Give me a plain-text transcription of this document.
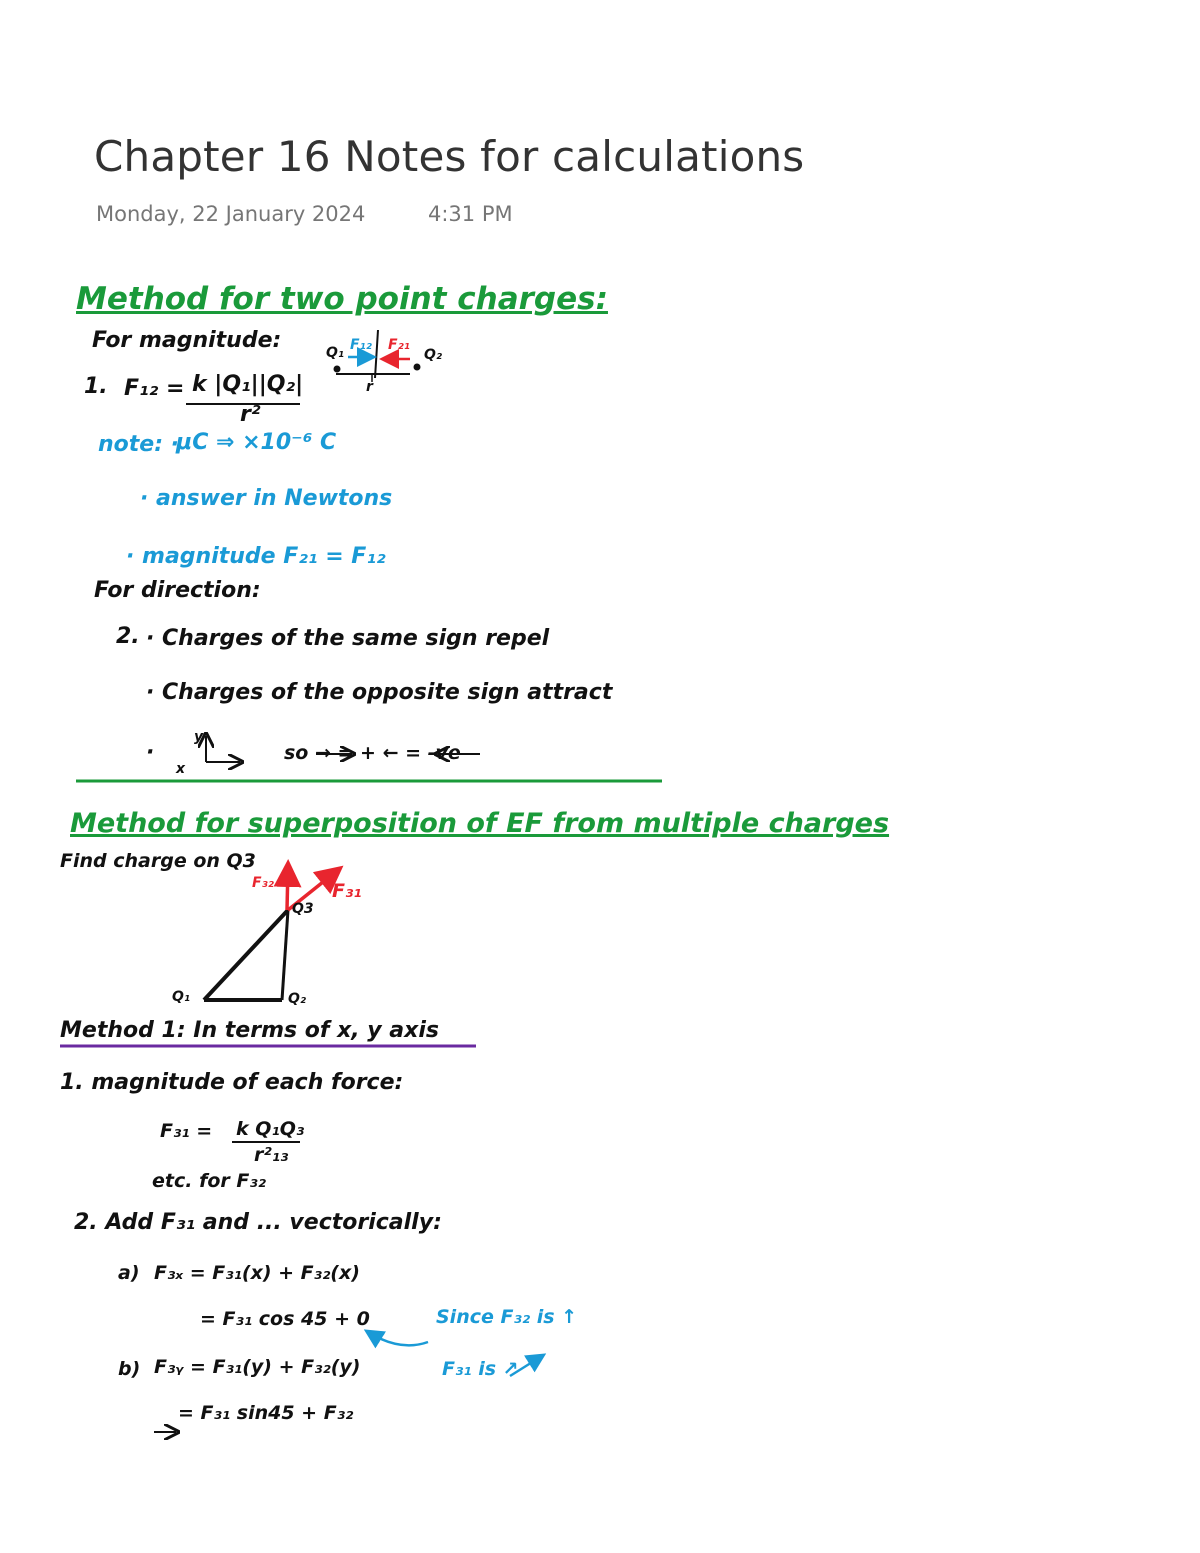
Chapter 16 Notes for calculations
Monday, 22 January 2024	4:31 PM
Method for two point charges:
For magnitude:	Q₁ F₁₂ F₂₁
Q₂
r
1. F₁₂ = k |Q₁||Q₂|
r²
note: ·
μC ⇒ ×10⁻⁶ C
· answer in Newtons
· magnitude F₂₁ = F₁₂
For direction:
2. · Charges of the same sign repel
· Charges of the opposite sign attract
·
x
y
so → = + ← = -ve
Method for superposition of EF from multiple charges
Find charge on Q3
F₃₂	F₃₁
Q3
Q₁	Q₂
Method 1: In terms of x, y axis
1. magnitude of each force:
F₃₁ = k Q₁Q₃
r²₁₃
etc. for F₃₂
2. Add F₃₁ and ... vectorically:
a) F₃ₓ = F₃₁(x) + F₃₂(x)
= F₃₁ cos 45 + 0	Since F₃₂ is ↑
b) F₃ᵧ = F₃₁(y) + F₃₂(y)	F₃₁ is ↗
= F₃₁ sin45 + F₃₂
